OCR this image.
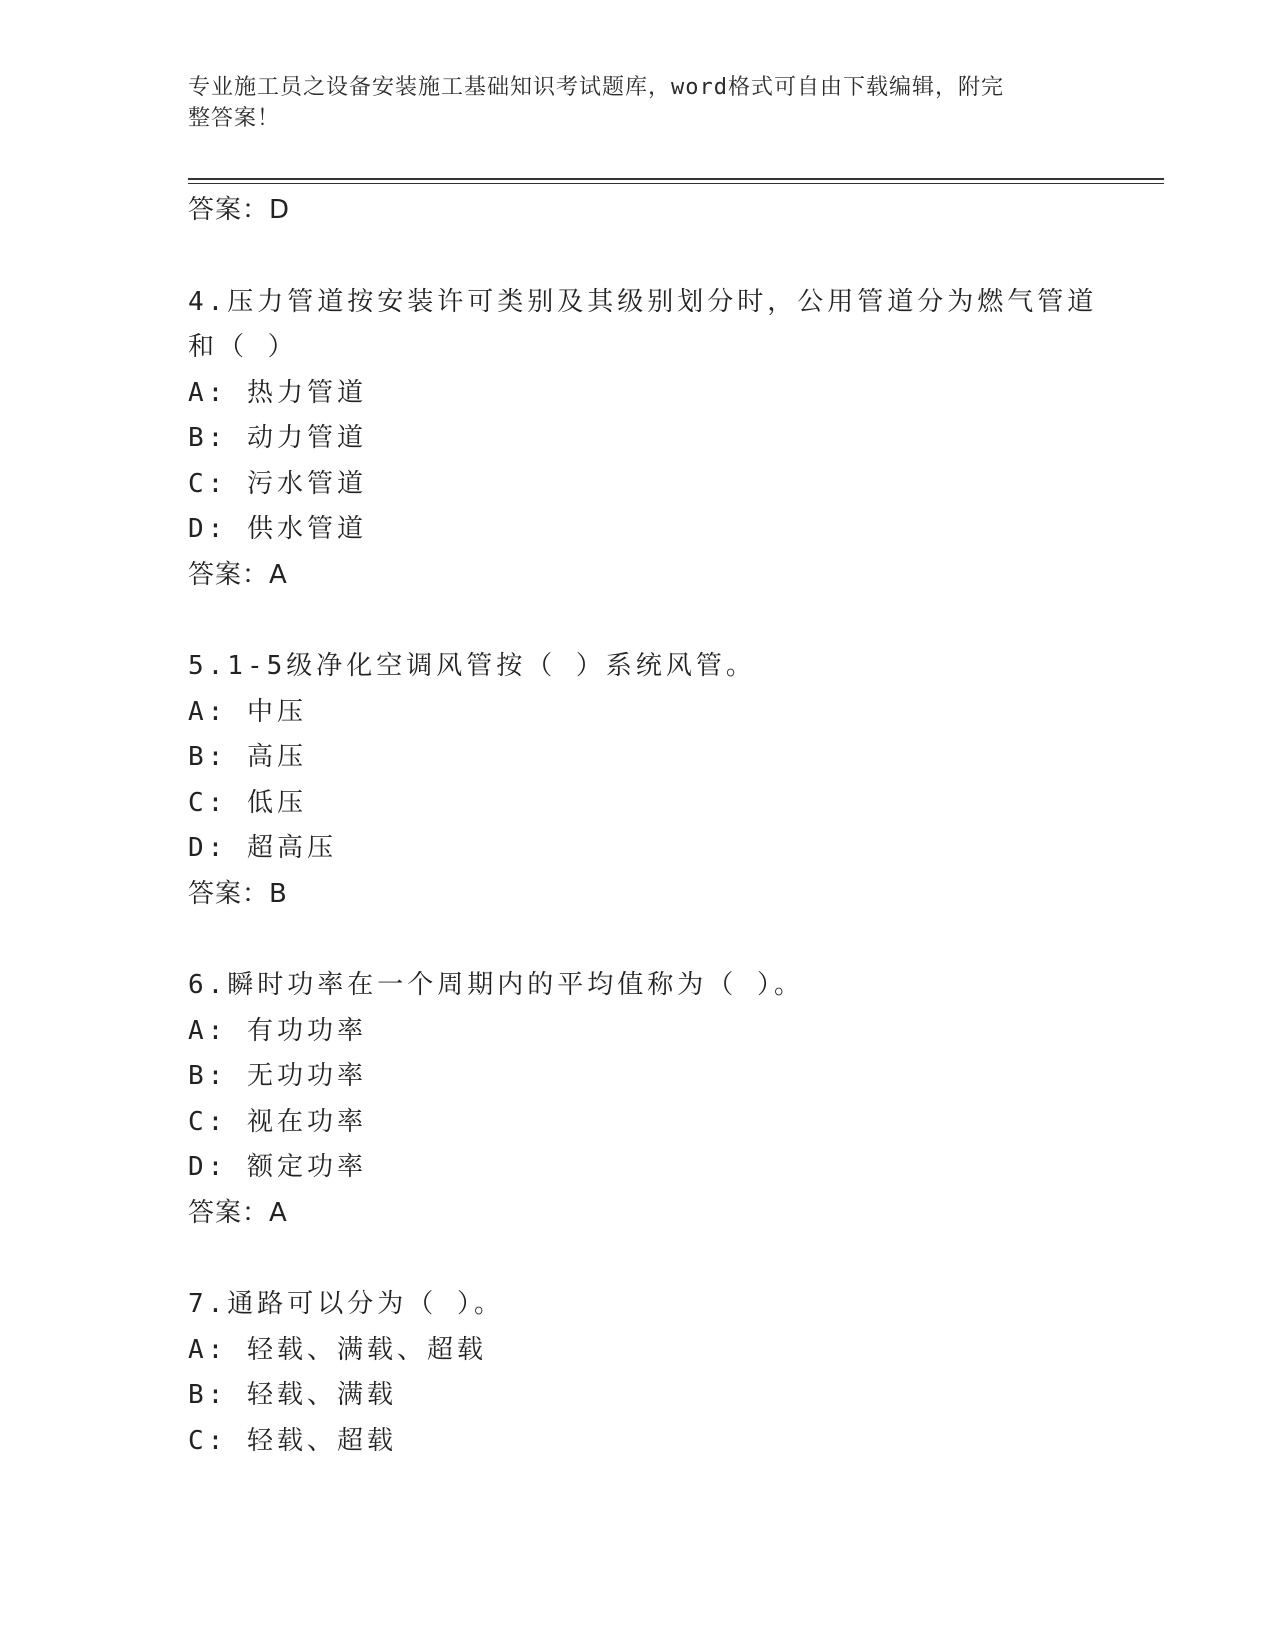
专业施工员之设备安装施工基础知识考试题库，word格式可自由下载编辑，附完
整答案！
答案：D
4.压力管道按安装许可类别及其级别划分时，公用管道分为燃气管道
和（ ）
A: 热力管道
B: 动力管道
C: 污水管道
D: 供水管道
答案：A
5.1-5级净化空调风管按（ ）系统风管。
A: 中压
B: 高压
C: 低压
D: 超高压
答案：B
6.瞬时功率在一个周期内的平均值称为（ ）。
A: 有功功率
B: 无功功率
C: 视在功率
D: 额定功率
答案：A
7.通路可以分为（ ）。
A: 轻载、满载、超载
B: 轻载、满载
C: 轻载、超载
